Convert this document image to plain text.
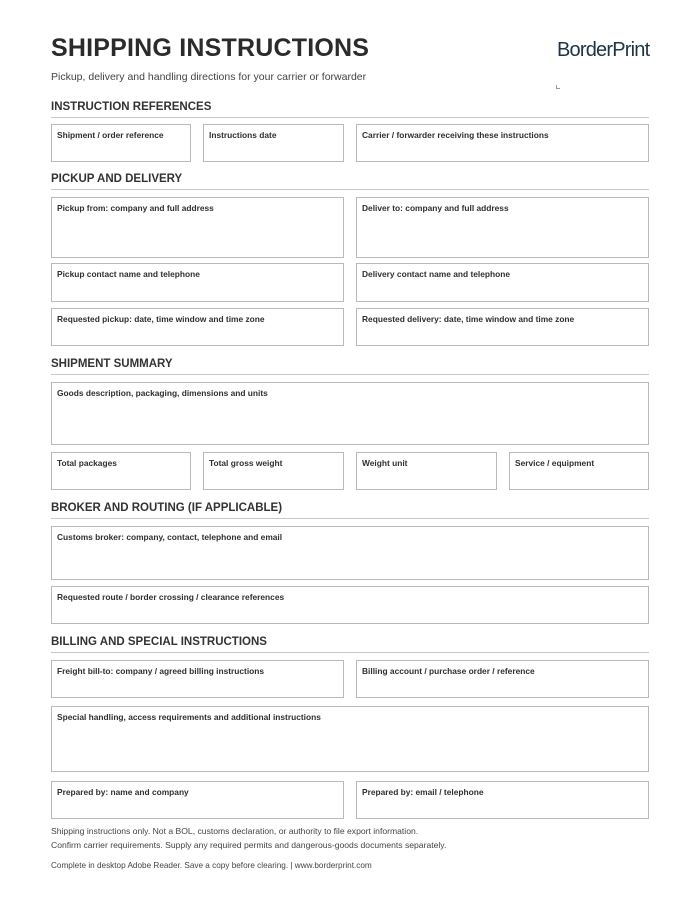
SHIPPING INSTRUCTIONS
Pickup, delivery and handling directions for your carrier or forwarder
BorderPrint
INSTRUCTION REFERENCES
Shipment / order reference	Instructions date	Carrier / forwarder receiving these instructions
PICKUP AND DELIVERY
Pickup from: company and full address	Deliver to: company and full address
Pickup contact name and telephone	Delivery contact name and telephone
Requested pickup: date, time window and time zone	Requested delivery: date, time window and time zone
SHIPMENT SUMMARY
Goods description, packaging, dimensions and units
Total packages	Total gross weight	Weight unit	Service / equipment
BROKER AND ROUTING (IF APPLICABLE)
Customs broker: company, contact, telephone and email
Requested route / border crossing / clearance references
BILLING AND SPECIAL INSTRUCTIONS
Freight bill-to: company / agreed billing instructions	Billing account / purchase order / reference
Special handling, access requirements and additional instructions
Prepared by: name and company	Prepared by: email / telephone
Shipping instructions only. Not a BOL, customs declaration, or authority to file export information.
Confirm carrier requirements. Supply any required permits and dangerous-goods documents separately.
Complete in desktop Adobe Reader. Save a copy before clearing. | www.borderprint.com
